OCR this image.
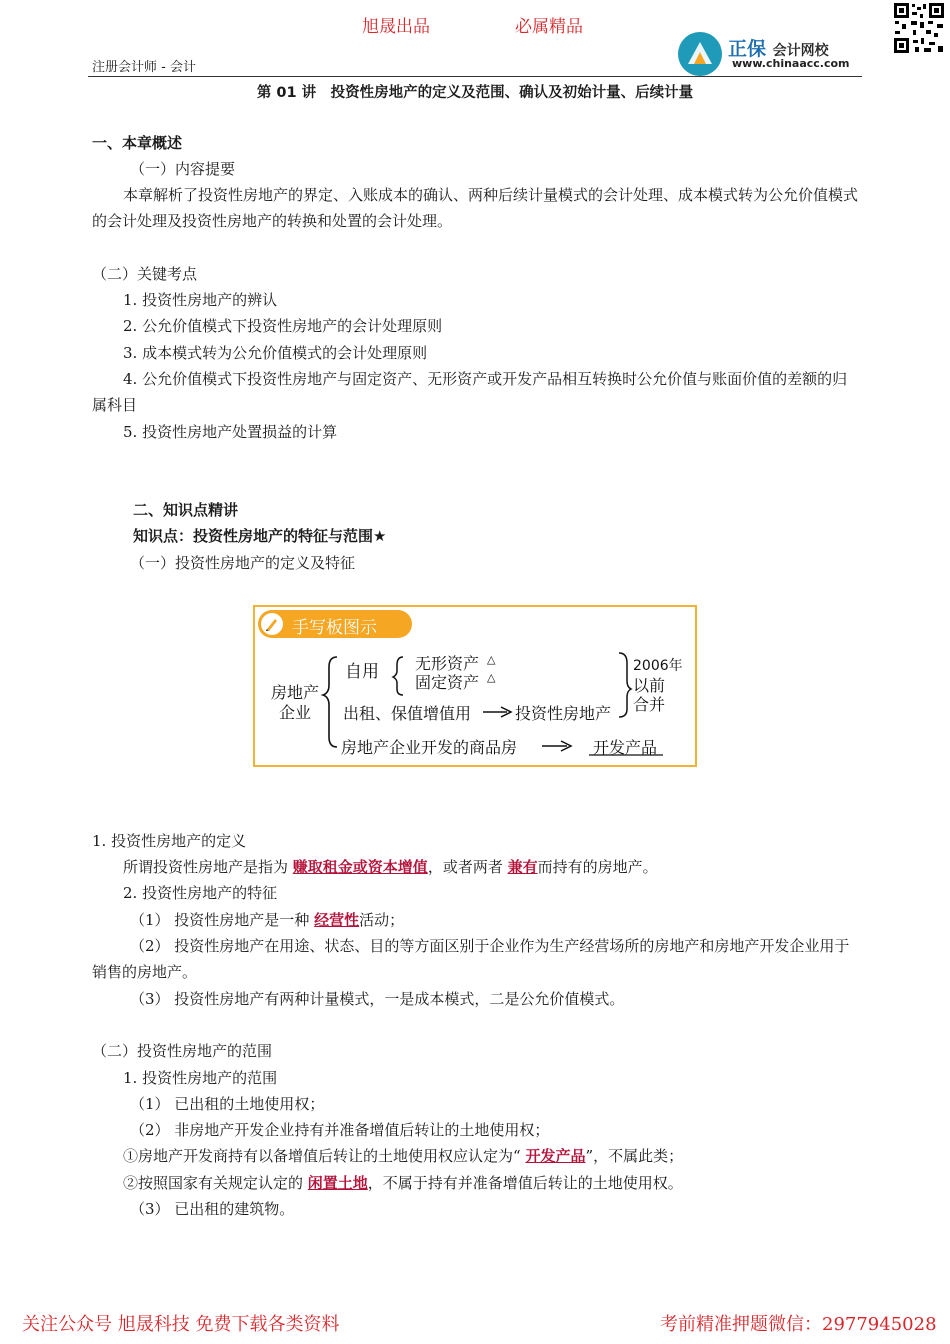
旭晟出品	必属精品
正保 会计网校
www.chinaacc.com
注册会计师 - 会计
第 01 讲　投资性房地产的定义及范围、确认及初始计量、后续计量
一、本章概述
（一）内容提要
本章解析了投资性房地产的界定、入账成本的确认、两种后续计量模式的会计处理、成本模式转为公允价值模式的会计处理及投资性房地产的转换和处置的会计处理。
（二）关键考点
1. 投资性房地产的辨认
2. 公允价值模式下投资性房地产的会计处理原则
3. 成本模式转为公允价值模式的会计处理原则
4. 公允价值模式下投资性房地产与固定资产、无形资产或开发产品相互转换时公允价值与账面价值的差额的归属科目
5. 投资性房地产处置损益的计算
二、知识点精讲
知识点：投资性房地产的特征与范围★
（一）投资性房地产的定义及特征
手写板图示
房地产
企业
自用 无形资产 △
固定资产 △
出租、保值增值用	投资性房地产
房地产企业开发的商品房	开发产品
2006年
以前
合并
1. 投资性房地产的定义
所谓投资性房地产是指为 赚取租金或资本增值，或者两者 兼有而持有的房地产。
2. 投资性房地产的特征
（1） 投资性房地产是一种 经营性活动；
（2） 投资性房地产在用途、状态、目的等方面区别于企业作为生产经营场所的房地产和房地产开发企业用于销售的房地产。
（3） 投资性房地产有两种计量模式，一是成本模式，二是公允价值模式。
（二）投资性房地产的范围
1. 投资性房地产的范围
（1） 已出租的土地使用权；
（2） 非房地产开发企业持有并准备增值后转让的土地使用权；
①房地产开发商持有以备增值后转让的土地使用权应认定为“ 开发产品”，不属此类；
②按照国家有关规定认定的 闲置土地，不属于持有并准备增值后转让的土地使用权。
（3） 已出租的建筑物。
关注公众号 旭晟科技 免费下载各类资料	考前精准押题微信：2977945028
